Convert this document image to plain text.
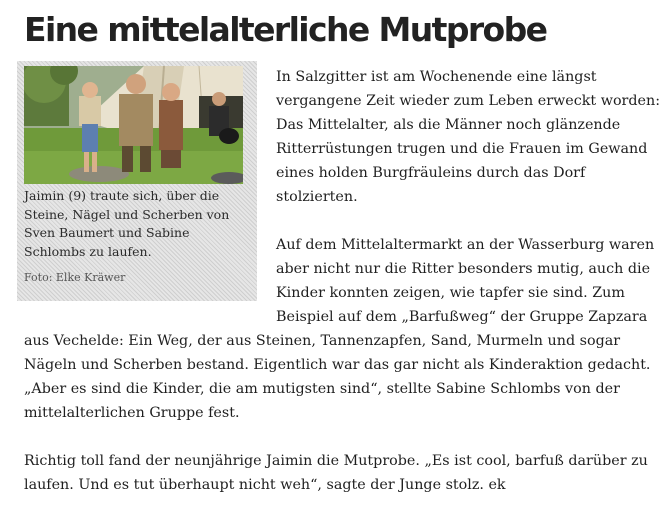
Eine mittelalterliche Mutprobe

Jaimin (9) traute sich, über die Steine, Nägel und Scherben von Sven Baumert und Sabine Schlombs zu laufen.

Foto: Elke Kräwer

In Salzgitter ist am Wochenende eine längst

vergangene Zeit wieder zum Leben erweckt worden:

Das Mittelalter, als die Männer noch glänzende

Ritterrüstungen trugen und die Frauen im Gewand

eines holden Burgfräuleins durch das Dorf

stolzierten.

Auf dem Mittelaltermarkt an der Wasserburg waren

aber nicht nur die Ritter besonders mutig, auch die

Kinder konnten zeigen, wie tapfer sie sind. Zum

Beispiel auf dem „Barfußweg“ der Gruppe Zapzara

aus Vechelde: Ein Weg, der aus Steinen, Tannenzapfen, Sand, Murmeln und sogar

Nägeln und Scherben bestand. Eigentlich war das gar nicht als Kinderaktion gedacht.

„Aber es sind die Kinder, die am mutigsten sind“, stellte Sabine Schlombs von der

mittelalterlichen Gruppe fest.

Richtig toll fand der neunjährige Jaimin die Mutprobe. „Es ist cool, barfuß darüber zu

laufen. Und es tut überhaupt nicht weh“, sagte der Junge stolz. ek
